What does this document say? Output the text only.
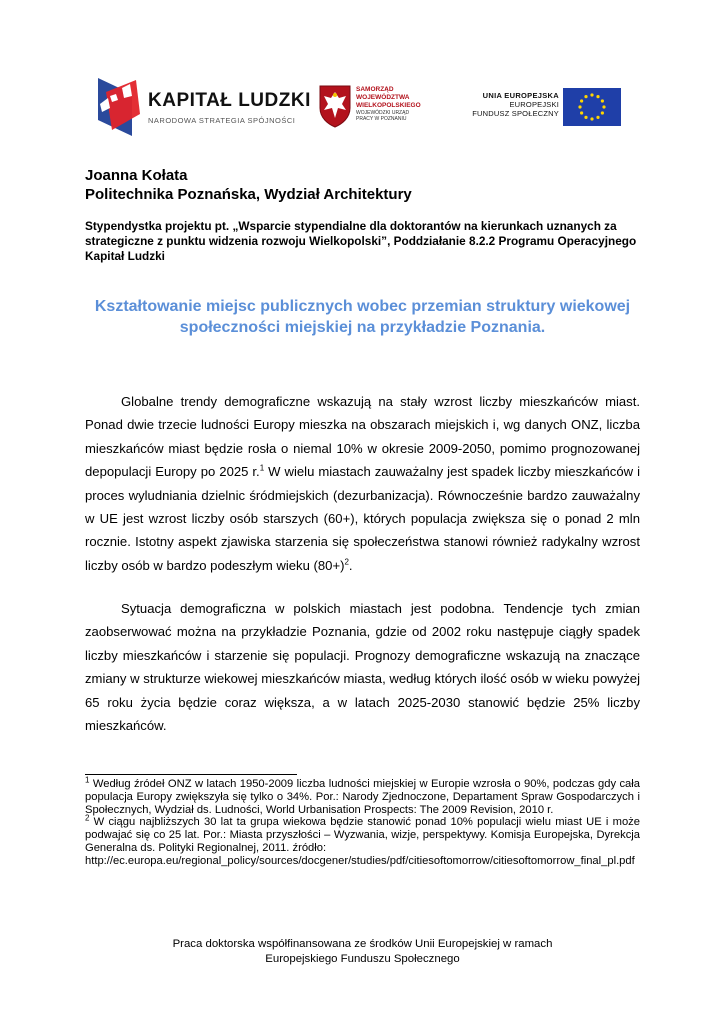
KAPITAŁ LUDZKI
NARODOWA STRATEGIA SPÓJNOŚCI
SAMORZĄD WOJEWÓDZTWA WIELKOPOLSKIEGO
WOJEWÓDZKI URZĄD PRACY W POZNANIU
UNIA EUROPEJSKA
EUROPEJSKI
FUNDUSZ SPOŁECZNY
Joanna Kołata
Politechnika Poznańska, Wydział Architektury
Stypendystka projektu pt. „Wsparcie stypendialne dla doktorantów na kierunkach uznanych za strategiczne z punktu widzenia rozwoju Wielkopolski”, Poddziałanie 8.2.2 Programu Operacyjnego Kapitał Ludzki
Kształtowanie miejsc publicznych wobec przemian struktury wiekowej społeczności miejskiej na przykładzie Poznania.

Globalne trendy demograficzne wskazują na stały wzrost liczby mieszkańców miast. Ponad dwie trzecie ludności Europy mieszka na obszarach miejskich i, wg danych ONZ, liczba mieszkańców miast będzie rosła o niemal 10% w okresie 2009-2050, pomimo prognozowanej depopulacji Europy po 2025 r.$^1$ W wielu miastach zauważalny jest spadek liczby mieszkańców i proces wyludniania dzielnic śródmiejskich (dezurbanizacja). Równocześnie bardzo zauważalny w UE jest wzrost liczby osób starszych (60+), których populacja zwiększa się o ponad 2 mln rocznie. Istotny aspekt zjawiska starzenia się społeczeństwa stanowi również radykalny wzrost liczby osób w bardzo podeszłym wieku $(80+)^2$.

Sytuacja demograficzna w polskich miastach jest podobna. Tendencje tych zmian zaobserwować można na przykładzie Poznania, gdzie od 2002 roku następuje ciągły spadek liczby mieszkańców i starzenie się populacji. Prognozy demograficzne wskazują na znaczące zmiany w strukturze wiekowej mieszkańców miasta, według których ilość osób w wieku powyżej 65 roku życia będzie coraz większa, a w latach 2025-2030 stanowić będzie 25% liczby mieszkańców.

$^1$ Według źródeł ONZ w latach 1950-2009 liczba ludności miejskiej w Europie wzrosła o 90%, podczas gdy cała populacja Europy zwiększyła się tylko o 34%. Por.: Narody Zjednoczone, Departament Spraw Gospodarczych i Społecznych, Wydział ds. Ludności, World Urbanisation Prospects: The 2009 Revision, 2010 r.
$^2$ W ciągu najbliższych 30 lat ta grupa wiekowa będzie stanowić ponad 10% populacji wielu miast UE i może podwajać się co 25 lat. Por.: Miasta przyszłości – Wyzwania, wizje, perspektywy. Komisja Europejska, Dyrekcja Generalna ds. Polityki Regionalnej, 2011. źródło:
http://ec.europa.eu/regional_policy/sources/docgener/studies/pdf/citiesoftomorrow/citiesoftomorrow_final_pl.pdf
Praca doktorska współfinansowana ze środków Unii Europejskiej w ramach
Europejskiego Funduszu Społecznego
